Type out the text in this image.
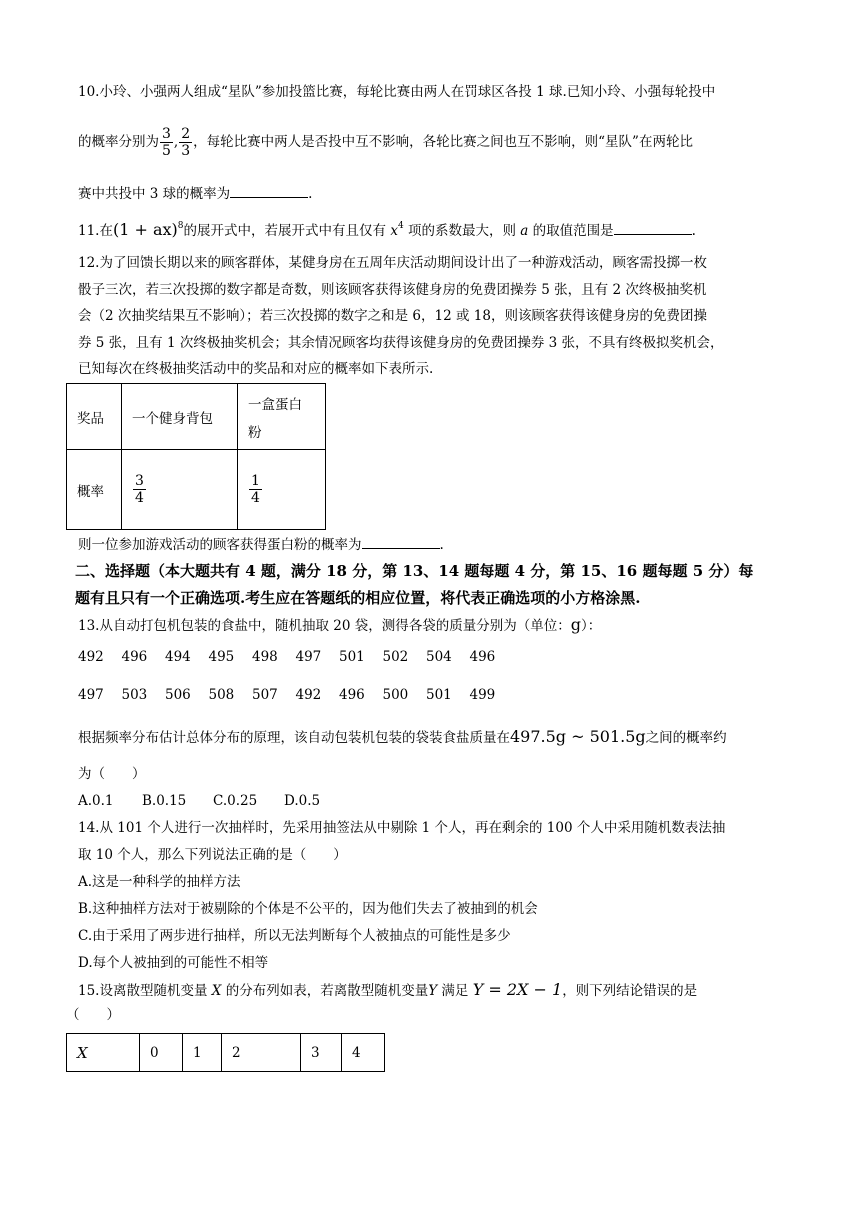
10.小玲、小强两人组成“星队”参加投篮比赛，每轮比赛由两人在罚球区各投 1 球.已知小玲、小强每轮投中
的概率分别为 $\frac{3}{5}$ , $\frac{2}{3}$ ，每轮比赛中两人是否投中互不影响，各轮比赛之间也互不影响，则“星队”在两轮比
赛中共投中 3 球的概率为	.
11.在(1 + ax)$^8$的展开式中，若展开式中有且仅有 $x^4$ 项的系数最大，则 a 的取值范围是	.
12.为了回馈长期以来的顾客群体，某健身房在五周年庆活动期间设计出了一种游戏活动，顾客需投掷一枚
骰子三次，若三次投掷的数字都是奇数，则该顾客获得该健身房的免费团操券 5 张，且有 2 次终极抽奖机
会（2 次抽奖结果互不影响）；若三次投掷的数字之和是 6，12 或 18，则该顾客获得该健身房的免费团操
券 5 张，且有 1 次终极抽奖机会；其余情况顾客均获得该健身房的免费团操券 3 张，不具有终极拟奖机会，
已知每次在终极抽奖活动中的奖品和对应的概率如下表所示.
奖品	一个健身背包	一盒蛋白
粉

概率	$\frac{3}{4}$	$\frac{1}{4}$
则一位参加游戏活动的顾客获得蛋白粉的概率为	.
二、选择题（本大题共有 4 题，满分 18 分，第 13、14 题每题 4 分，第 15、16 题每题 5 分）每
题有且只有一个正确选项.考生应在答题纸的相应位置，将代表正确选项的小方格涂黑.
13.从自动打包机包装的食盐中，随机抽取 20 袋，测得各袋的质量分别为（单位：g）：
492 496 494 495 498 497 501 502 504 496
497 503 506 508 507 492 496 500 501 499
根据频率分布估计总体分布的原理，该自动包装机包装的袋装食盐质量在497.5g ~ 501.5g之间的概率约
为（　　）
A.0.1 B.0.15 C.0.25 D.0.5
14.从 101 个人进行一次抽样时，先采用抽签法从中剔除 1 个人，再在剩余的 100 个人中采用随机数表法抽
取 10 个人，那么下列说法正确的是（　　）
A.这是一种科学的抽样方法
B.这种抽样方法对于被剔除的个体是不公平的，因为他们失去了被抽到的机会
C.由于采用了两步进行抽样，所以无法判断每个人被抽点的可能性是多少
D.每个人被抽到的可能性不相等
15.设离散型随机变量 X 的分布列如表，若离散型随机变量Y 满足 Y = 2X − 1，则下列结论错误的是
（　　）
X	0	1	2	3	4
